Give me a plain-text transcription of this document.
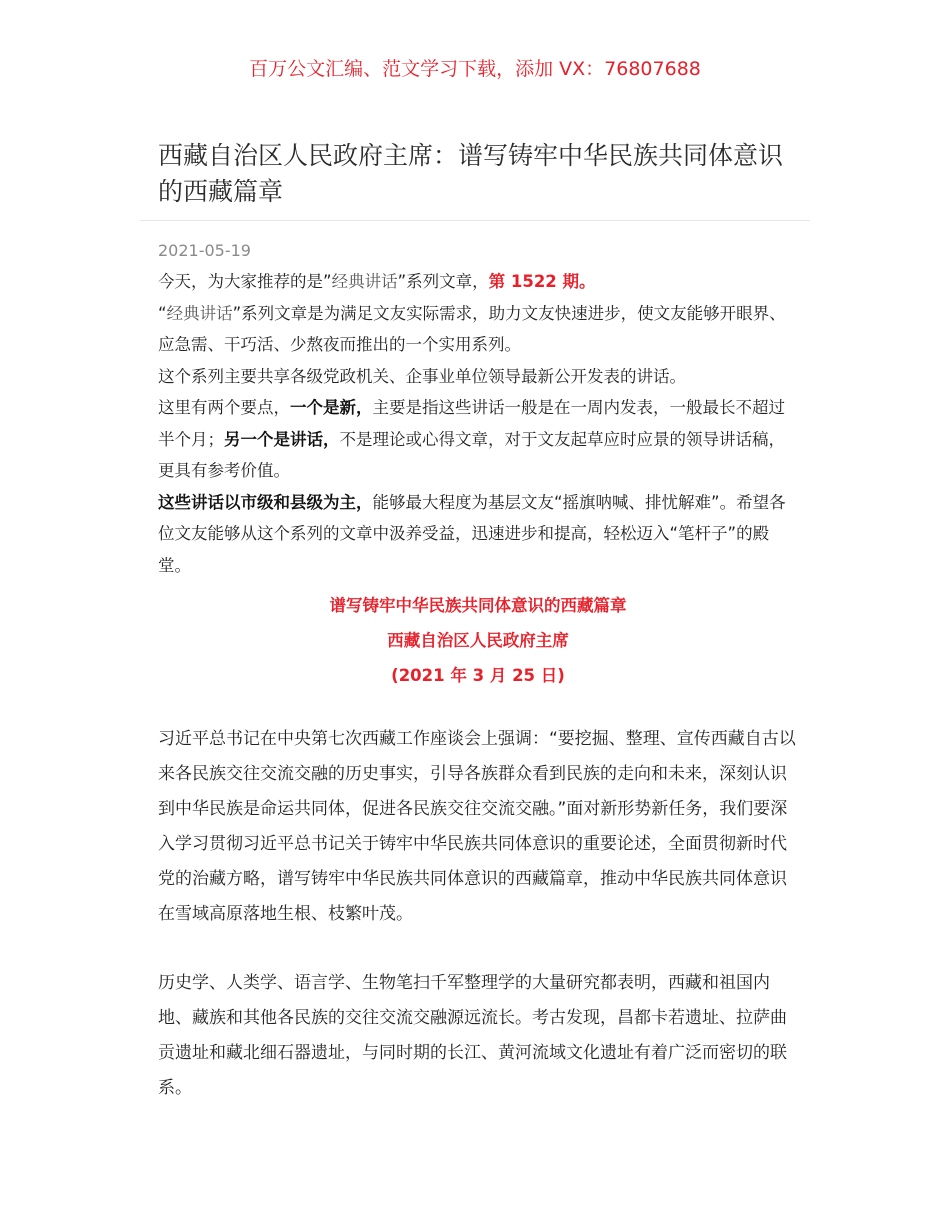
百万公文汇编、范文学习下载，添加 VX：76807688
西藏自治区人民政府主席：谱写铸牢中华民族共同体意识的西藏篇章
2021-05-19

今天，为大家推荐的是”经典讲话”系列文章，第 1522 期。

“经典讲话”系列文章是为满足文友实际需求，助力文友快速进步，使文友能够开眼界、应急需、干巧活、少熬夜而推出的一个实用系列。

这个系列主要共享各级党政机关、企事业单位领导最新公开发表的讲话。

这里有两个要点，一个是新，主要是指这些讲话一般是在一周内发表，一般最长不超过半个月；另一个是讲话，不是理论或心得文章，对于文友起草应时应景的领导讲话稿，更具有参考价值。

这些讲话以市级和县级为主，能够最大程度为基层文友“摇旗呐喊、排忧解难”。希望各位文友能够从这个系列的文章中汲养受益，迅速进步和提高，轻松迈入“笔杆子”的殿堂。

谱写铸牢中华民族共同体意识的西藏篇章
西藏自治区人民政府主席
(2021 年 3 月 25 日)

习近平总书记在中央第七次西藏工作座谈会上强调：“要挖掘、整理、宣传西藏自古以来各民族交往交流交融的历史事实，引导各族群众看到民族的走向和未来，深刻认识到中华民族是命运共同体，促进各民族交往交流交融。”面对新形势新任务，我们要深入学习贯彻习近平总书记关于铸牢中华民族共同体意识的重要论述，全面贯彻新时代党的治藏方略，谱写铸牢中华民族共同体意识的西藏篇章，推动中华民族共同体意识在雪域高原落地生根、枝繁叶茂。

历史学、人类学、语言学、生物笔扫千军整理学的大量研究都表明，西藏和祖国内地、藏族和其他各民族的交往交流交融源远流长。考古发现，昌都卡若遗址、拉萨曲贡遗址和藏北细石器遗址，与同时期的长江、黄河流域文化遗址有着广泛而密切的联系。
